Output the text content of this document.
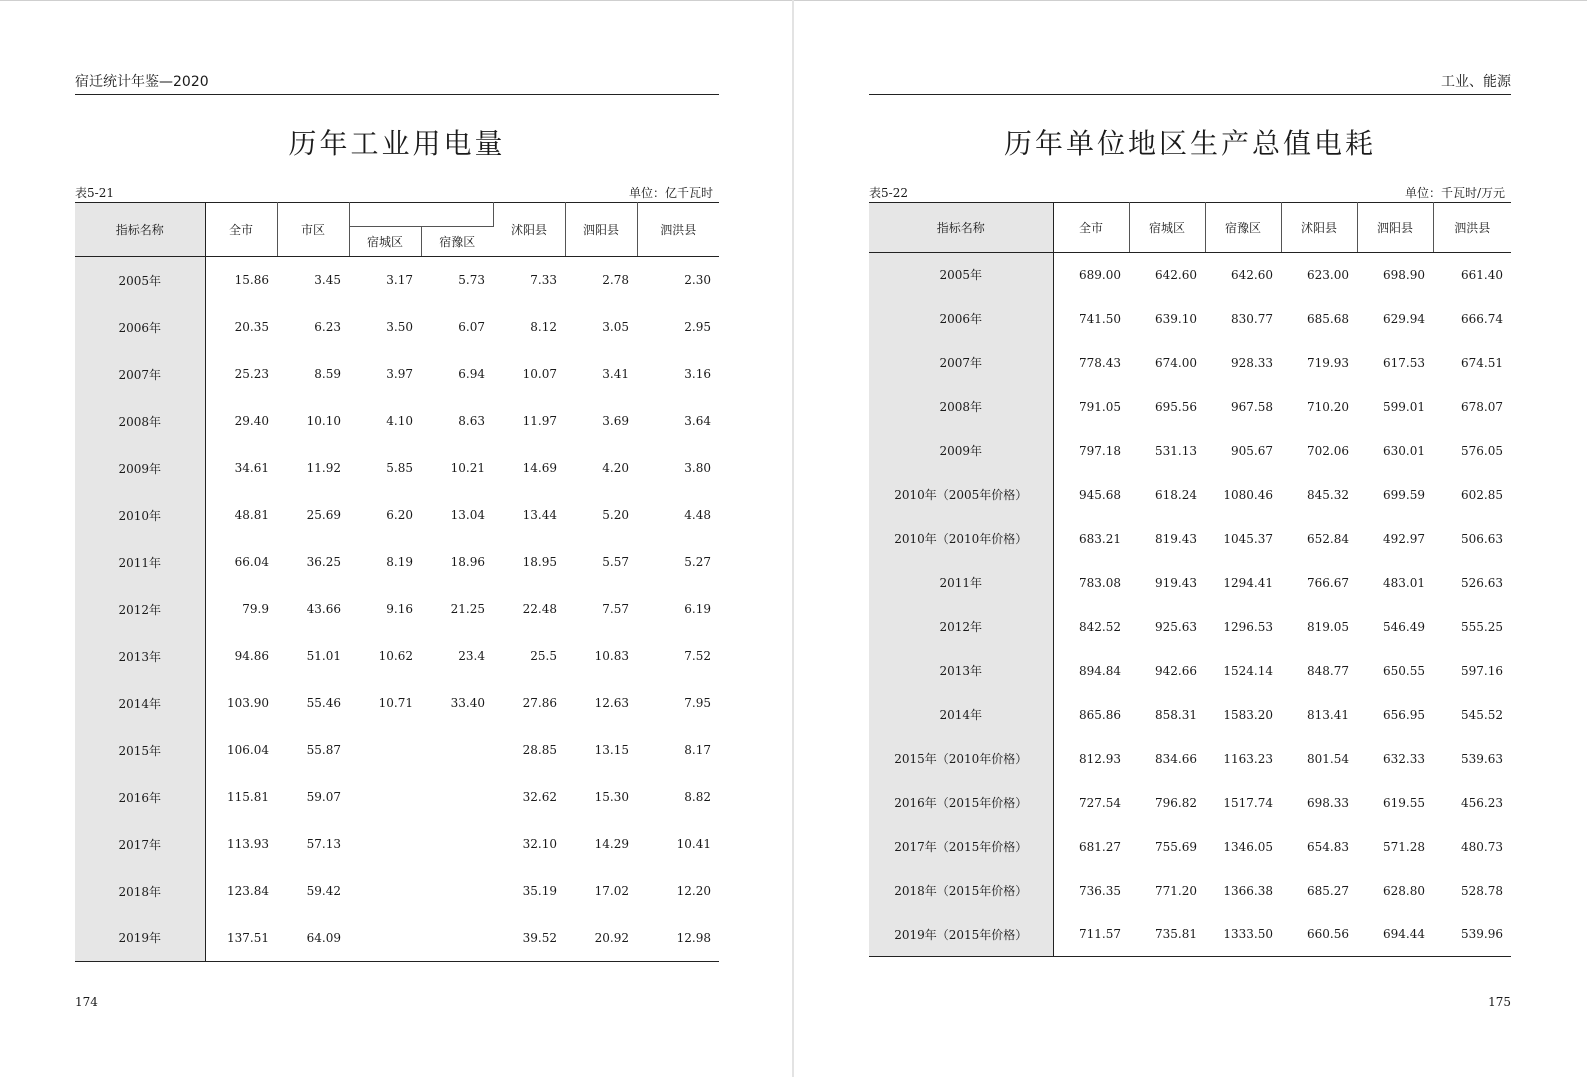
宿迁统计年鉴—2020
历年工业用电量
表5-21	单位：亿千瓦时
指标名称	全市	市区			沭阳县	泗阳县	泗洪县
			宿城区	宿豫区			
2005年	15.86	3.45	3.17	5.73	7.33	2.78	2.30
2006年	20.35	6.23	3.50	6.07	8.12	3.05	2.95
2007年	25.23	8.59	3.97	6.94	10.07	3.41	3.16
2008年	29.40	10.10	4.10	8.63	11.97	3.69	3.64
2009年	34.61	11.92	5.85	10.21	14.69	4.20	3.80
2010年	48.81	25.69	6.20	13.04	13.44	5.20	4.48
2011年	66.04	36.25	8.19	18.96	18.95	5.57	5.27
2012年	79.9	43.66	9.16	21.25	22.48	7.57	6.19
2013年	94.86	51.01	10.62	23.4	25.5	10.83	7.52
2014年	103.90	55.46	10.71	33.40	27.86	12.63	7.95
2015年	106.04	55.87			28.85	13.15	8.17
2016年	115.81	59.07			32.62	15.30	8.82
2017年	113.93	57.13			32.10	14.29	10.41
2018年	123.84	59.42			35.19	17.02	12.20
2019年	137.51	64.09			39.52	20.92	12.98
174
工业、能源
历年单位地区生产总值电耗
表5-22	单位：千瓦时/万元
指标名称	全市	宿城区	宿豫区	沭阳县	泗阳县	泗洪县
2005年	689.00	642.60	642.60	623.00	698.90	661.40
2006年	741.50	639.10	830.77	685.68	629.94	666.74
2007年	778.43	674.00	928.33	719.93	617.53	674.51
2008年	791.05	695.56	967.58	710.20	599.01	678.07
2009年	797.18	531.13	905.67	702.06	630.01	576.05
2010年（2005年价格）	945.68	618.24	1080.46	845.32	699.59	602.85
2010年（2010年价格）	683.21	819.43	1045.37	652.84	492.97	506.63
2011年	783.08	919.43	1294.41	766.67	483.01	526.63
2012年	842.52	925.63	1296.53	819.05	546.49	555.25
2013年	894.84	942.66	1524.14	848.77	650.55	597.16
2014年	865.86	858.31	1583.20	813.41	656.95	545.52
2015年（2010年价格）	812.93	834.66	1163.23	801.54	632.33	539.63
2016年（2015年价格）	727.54	796.82	1517.74	698.33	619.55	456.23
2017年（2015年价格）	681.27	755.69	1346.05	654.83	571.28	480.73
2018年（2015年价格）	736.35	771.20	1366.38	685.27	628.80	528.78
2019年（2015年价格）	711.57	735.81	1333.50	660.56	694.44	539.96
175
